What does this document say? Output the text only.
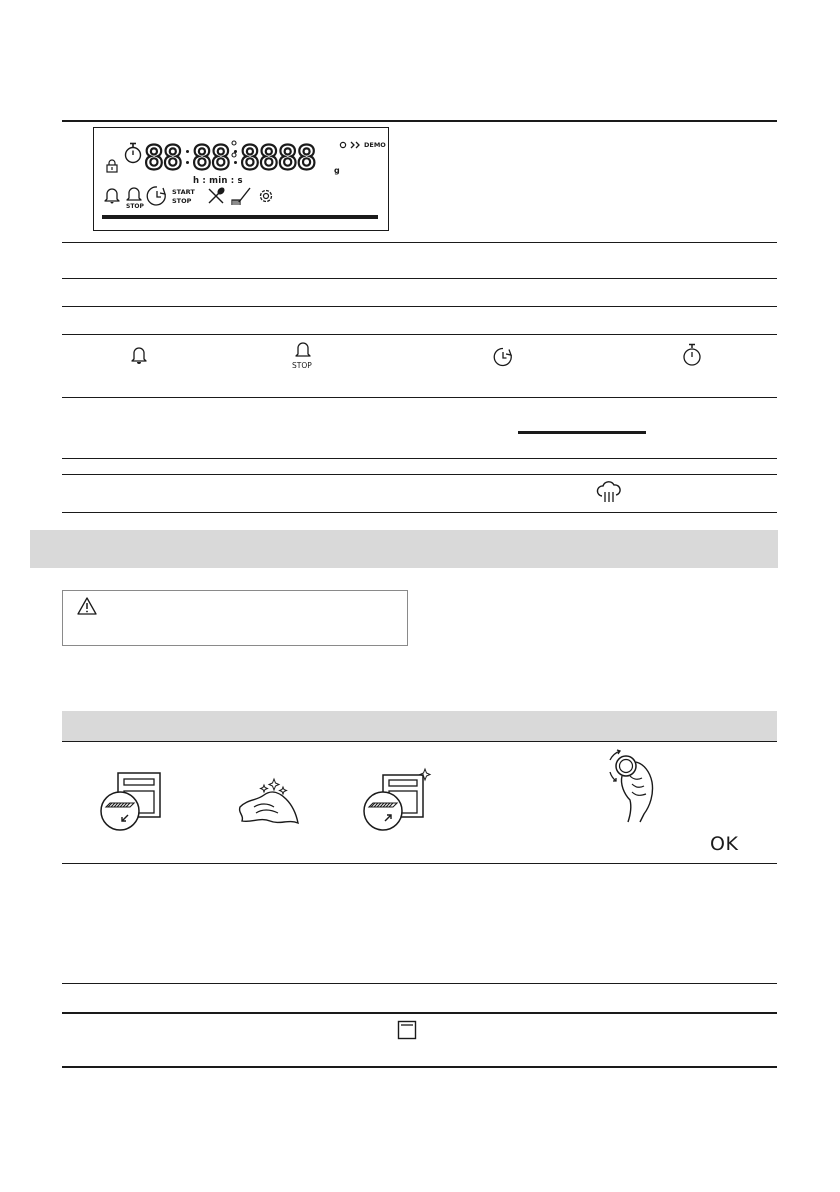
88 88 8888 g
DEMO
h : min : s
STOP
START
STOP
STOP
OK
